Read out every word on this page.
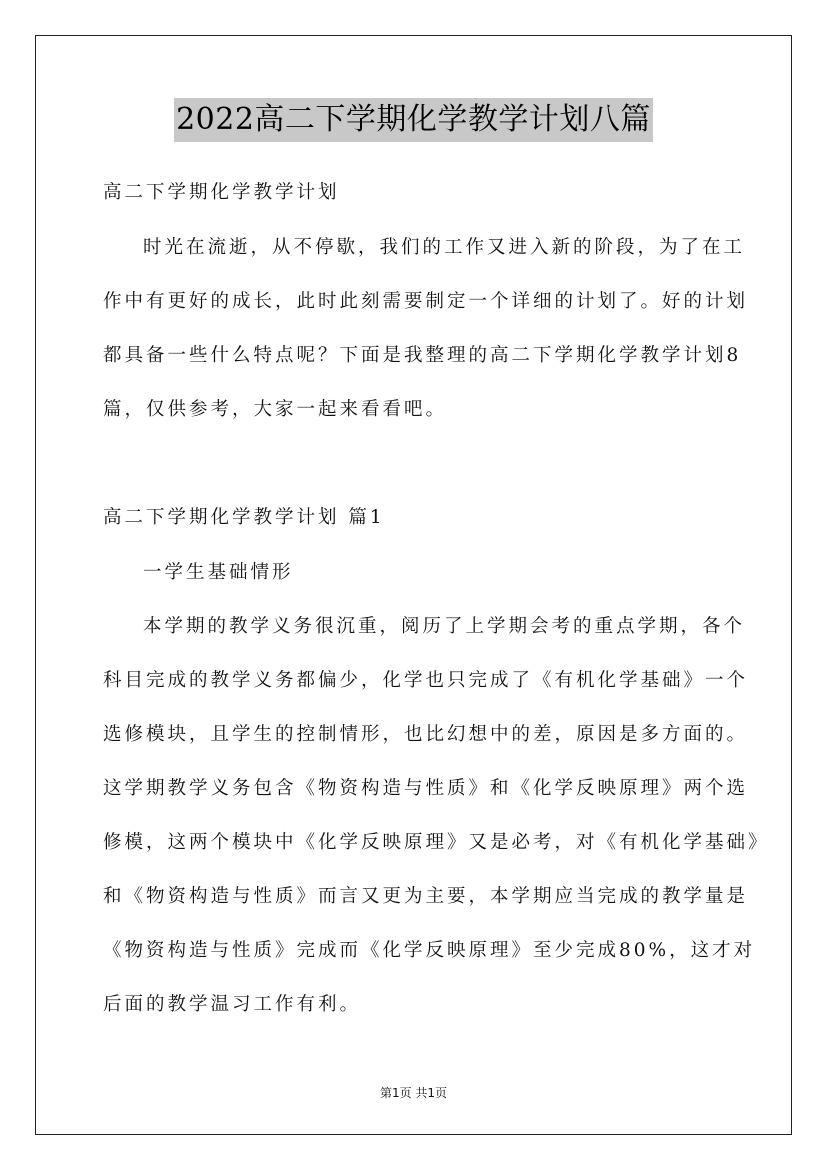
2022高二下学期化学教学计划八篇
高二下学期化学教学计划
时光在流逝，从不停歇，我们的工作又进入新的阶段，为了在工
作中有更好的成长，此时此刻需要制定一个详细的计划了。好的计划
都具备一些什么特点呢？下面是我整理的高二下学期化学教学计划8
篇，仅供参考，大家一起来看看吧。
高二下学期化学教学计划 篇1
一学生基础情形
本学期的教学义务很沉重，阅历了上学期会考的重点学期，各个
科目完成的教学义务都偏少，化学也只完成了《有机化学基础》一个
选修模块，且学生的控制情形，也比幻想中的差，原因是多方面的。
这学期教学义务包含《物资构造与性质》和《化学反映原理》两个选
修模，这两个模块中《化学反映原理》又是必考，对《有机化学基础》
和《物资构造与性质》而言又更为主要，本学期应当完成的教学量是
《物资构造与性质》完成而《化学反映原理》至少完成80%，这才对
后面的教学温习工作有利。
第1页 共1页
